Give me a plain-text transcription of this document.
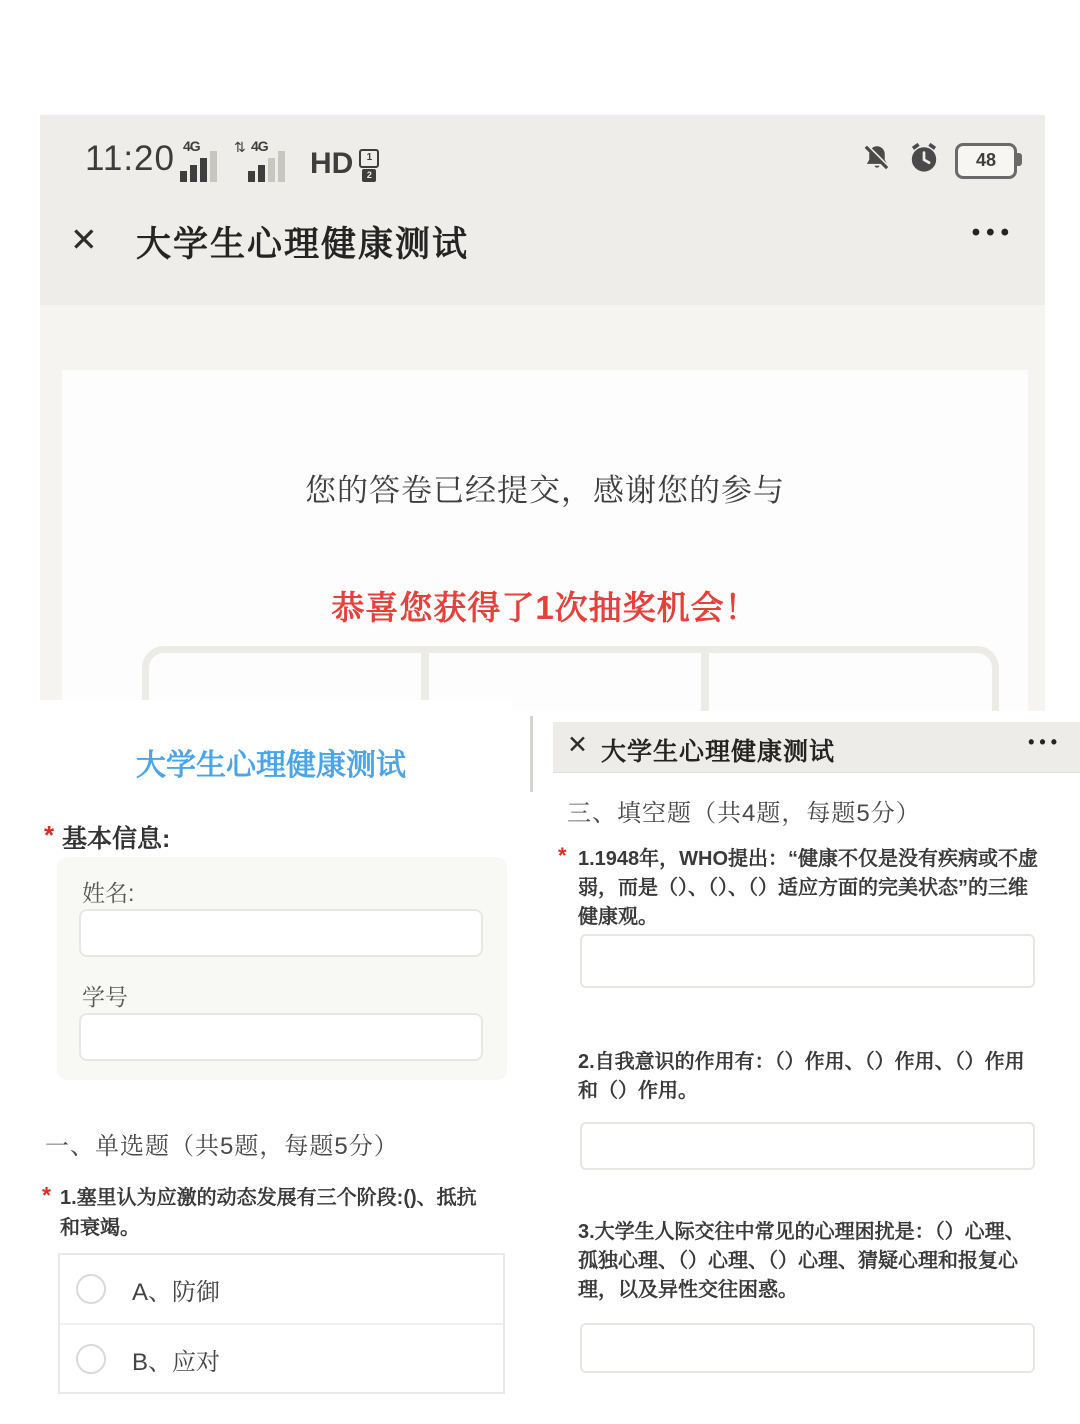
11:20 4G ⇅ 4G
HD	1
2
48
✕ 大学生心理健康测试	•••
您的答卷已经提交，感谢您的参与
恭喜您获得了1次抽奖机会！
大学生心理健康测试
* 基本信息:
姓名:
学号
一、单选题（共5题，每题5分）
* 1.塞里认为应激的动态发展有三个阶段:()、抵抗和衰竭。
A、防御
B、应对
✕ 大学生心理健康测试	•••
三、填空题（共4题，每题5分）
* 1.1948年，WHO提出：“健康不仅是没有疾病或不虚弱，而是（）、（）、（）适应方面的完美状态”的三维健康观。
2.自我意识的作用有：（）作用、（）作用、（）作用和（）作用。
3.大学生人际交往中常见的心理困扰是：（）心理、孤独心理、（）心理、（）心理、猜疑心理和报复心理，以及异性交往困惑。
